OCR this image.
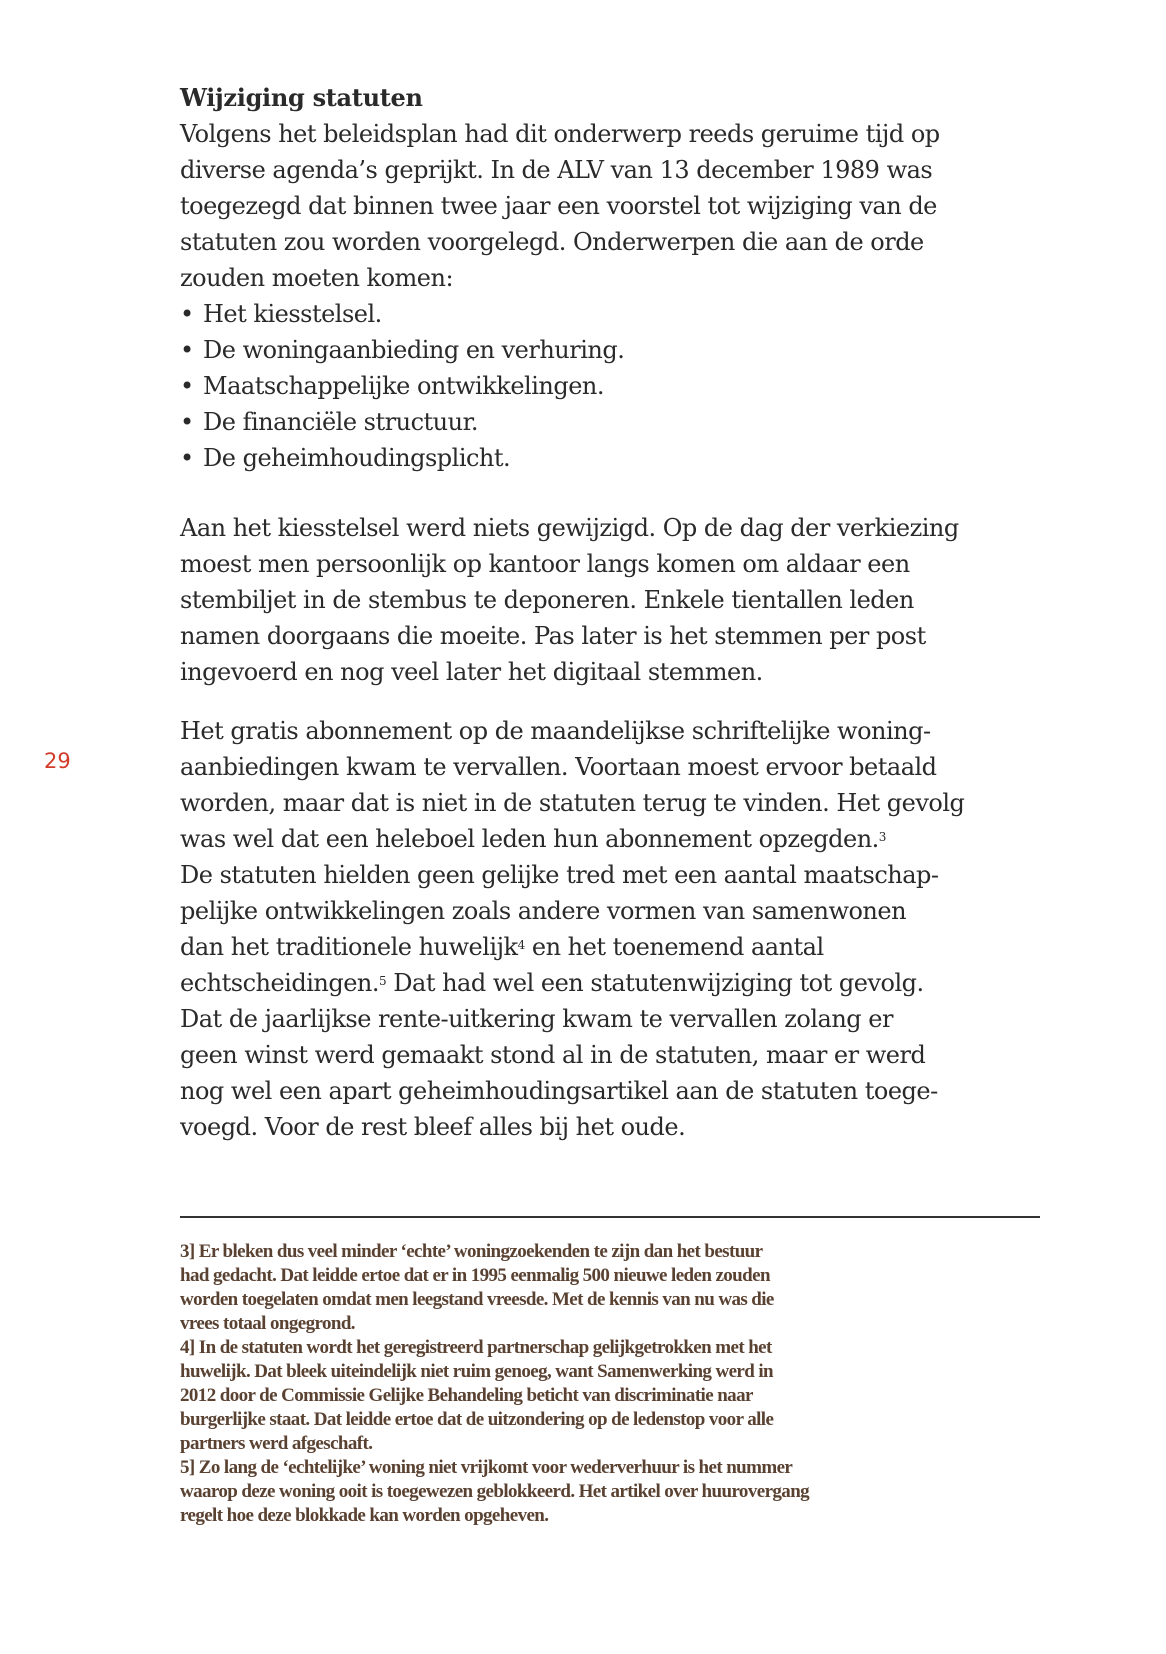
Wijziging statuten
Volgens het beleidsplan had dit onderwerp reeds geruime tijd op
diverse agenda’s geprijkt. In de ALV van 13 december 1989 was
toegezegd dat binnen twee jaar een voorstel tot wijziging van de
statuten zou worden voorgelegd. Onderwerpen die aan de orde
zouden moeten komen:
• Het kiesstelsel.
• De woningaanbieding en verhuring.
• Maatschappelijke ontwikkelingen.
• De financiële structuur.
• De geheimhoudingsplicht.
Aan het kiesstelsel werd niets gewijzigd. Op de dag der verkiezing
moest men persoonlijk op kantoor langs komen om aldaar een
stembiljet in de stembus te deponeren. Enkele tientallen leden
namen doorgaans die moeite. Pas later is het stemmen per post
ingevoerd en nog veel later het digitaal stemmen.
29
Het gratis abonnement op de maandelijkse schriftelijke woning-
aanbiedingen kwam te vervallen. Voortaan moest ervoor betaald
worden, maar dat is niet in de statuten terug te vinden. Het gevolg
was wel dat een heleboel leden hun abonnement opzegden.$^3$
De statuten hielden geen gelijke tred met een aantal maatschap-
pelijke ontwikkelingen zoals andere vormen van samenwonen
dan het traditionele huwelijk$^4$ en het toenemend aantal
echtscheidingen.$^5$ Dat had wel een statutenwijziging tot gevolg.
Dat de jaarlijkse rente-uitkering kwam te vervallen zolang er
geen winst werd gemaakt stond al in de statuten, maar er werd
nog wel een apart geheimhoudingsartikel aan de statuten toege-
voegd. Voor de rest bleef alles bij het oude.
3] Er bleken dus veel minder ‘echte’ woningzoekenden te zijn dan het bestuur
had gedacht. Dat leidde ertoe dat er in 1995 eenmalig 500 nieuwe leden zouden
worden toegelaten omdat men leegstand vreesde. Met de kennis van nu was die
vrees totaal ongegrond.
4] In de statuten wordt het geregistreerd partnerschap gelijkgetrokken met het
huwelijk. Dat bleek uiteindelijk niet ruim genoeg, want Samenwerking werd in
2012 door de Commissie Gelijke Behandeling beticht van discriminatie naar
burgerlijke staat. Dat leidde ertoe dat de uitzondering op de ledenstop voor alle
partners werd afgeschaft.
5] Zo lang de ‘echtelijke’ woning niet vrijkomt voor wederverhuur is het nummer
waarop deze woning ooit is toegewezen geblokkeerd. Het artikel over huurovergang
regelt hoe deze blokkade kan worden opgeheven.
